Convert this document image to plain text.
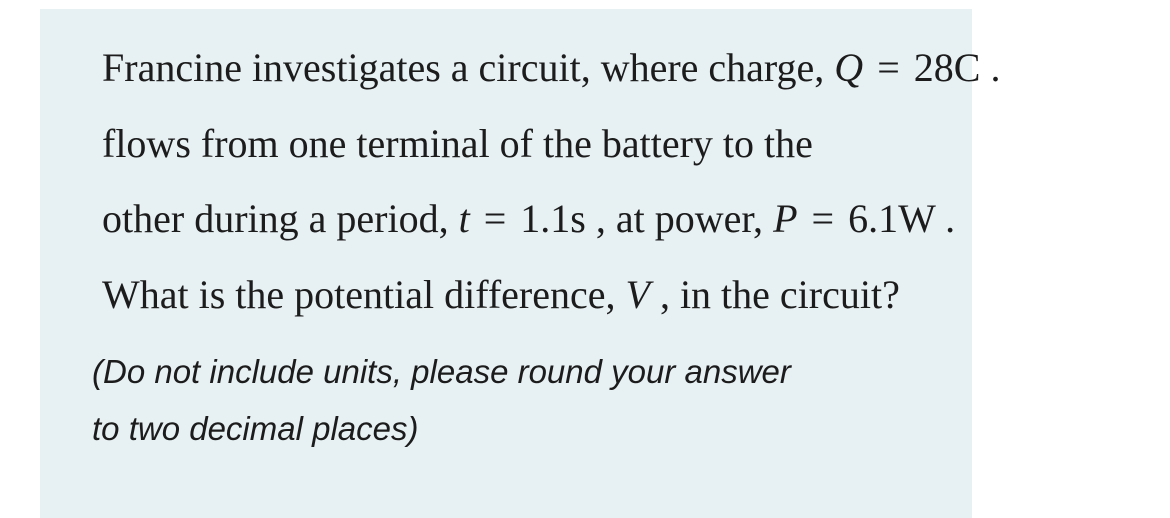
Francine investigates a circuit, where charge, Q = 28C .
flows from one terminal of the battery to the
other during a period, t = 1.1s , at power, P = 6.1W .
What is the potential difference, V , in the circuit?
(Do not include units, please round your answer
to two decimal places)
